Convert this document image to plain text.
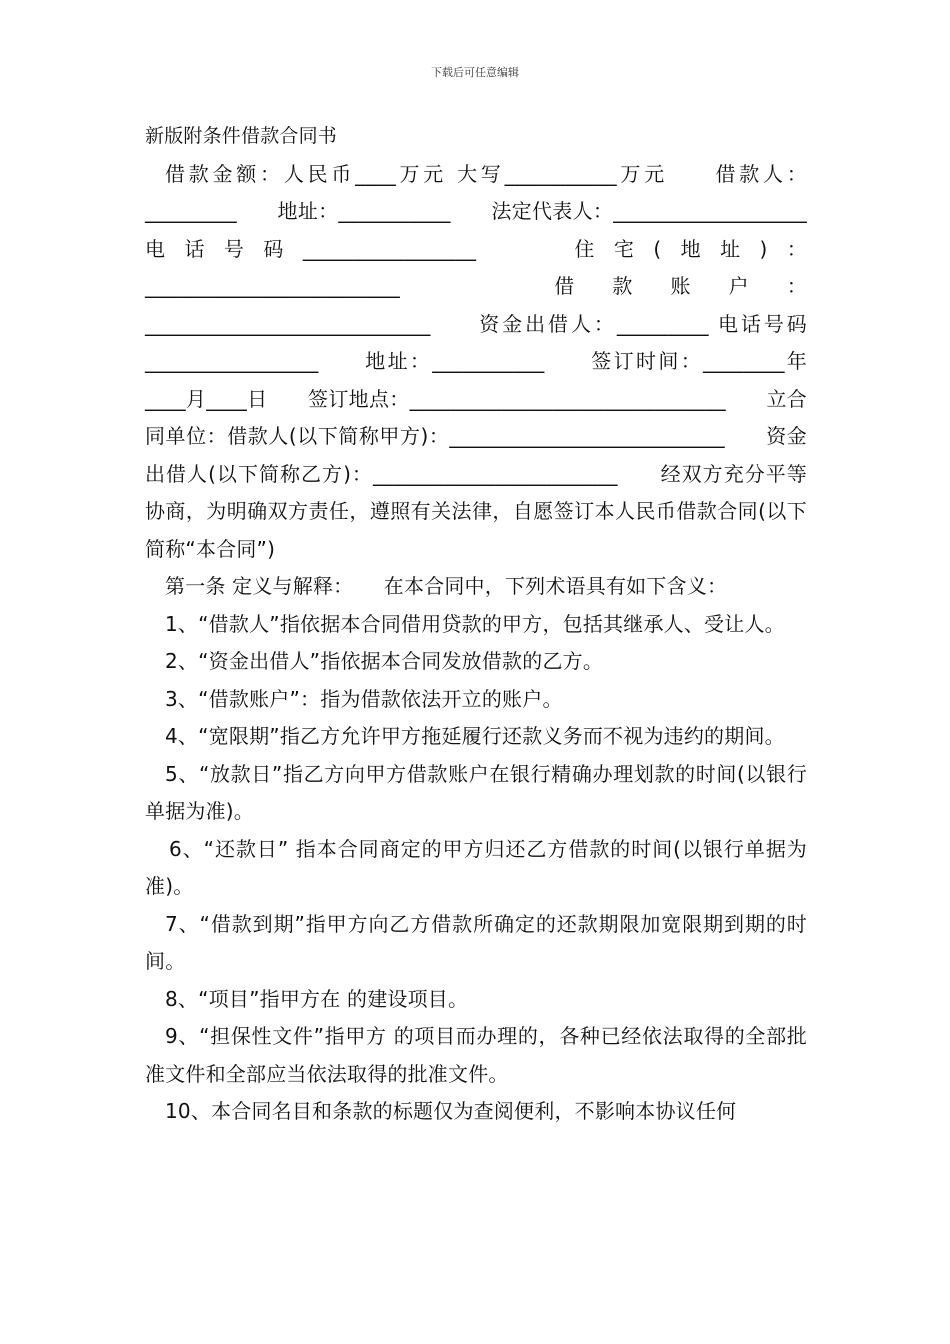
下载后可任意编辑

新版附条件借款合同书

借款金额：人民币____万元 大写___________万元　　借款人：_________　　地址：___________　　法定代表人：___________________电话号码_________________　　住宅(地址)：_________________________　　借款账户：____________________________　　资金出借人：_________ 电话号码_________________　　地址：___________　　签订时间：________年____月____日　　签订地点：_______________________________　　立合同单位：借款人(以下简称甲方)：___________________________　　资金出借人(以下简称乙方)：________________________　　经双方充分平等协商，为明确双方责任，遵照有关法律，自愿签订本人民币借款合同(以下简称“本合同”)

第一条 定义与解释：　　在本合同中，下列术语具有如下含义：

1、“借款人”指依据本合同借用贷款的甲方，包括其继承人、受让人。

2、“资金出借人”指依据本合同发放借款的乙方。

3、“借款账户”：指为借款依法开立的账户。

4、“宽限期”指乙方允许甲方拖延履行还款义务而不视为违约的期间。

5、“放款日”指乙方向甲方借款账户在银行精确办理划款的时间(以银行单据为准)。

6、“还款日” 指本合同商定的甲方归还乙方借款的时间(以银行单据为准)。

7、“借款到期”指甲方向乙方借款所确定的还款期限加宽限期到期的时间。

8、“项目”指甲方在 的建设项目。

9、“担保性文件”指甲方 的项目而办理的，各种已经依法取得的全部批准文件和全部应当依法取得的批准文件。

10、本合同名目和条款的标题仅为查阅便利，不影响本协议任何
